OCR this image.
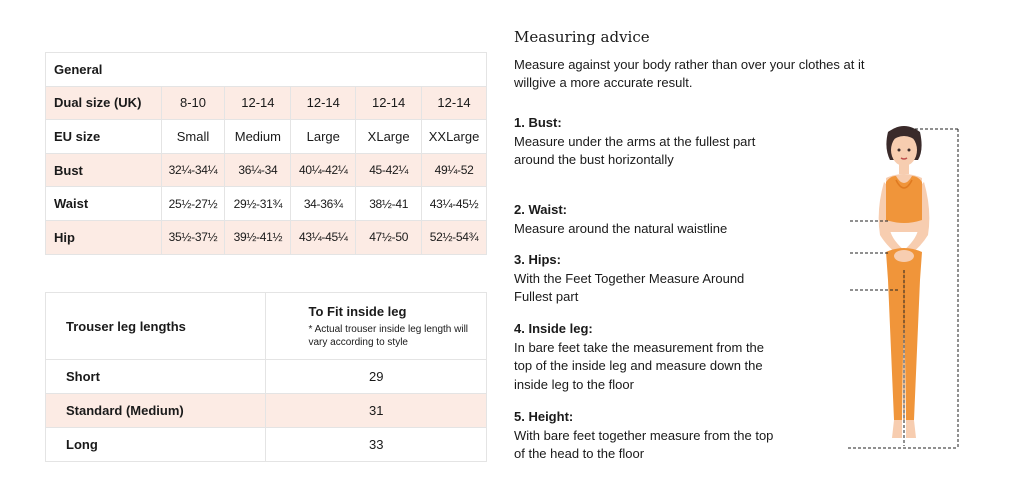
General					
Dual size (UK)	8-10	12-14	12-14	12-14	12-14
EU size	Small	Medium	Large	XLarge	XXLarge
Bust	32¼-34¼	36¼-34	40¼-42¼	45-42¼	49¼-52
Waist	25½-27½	29½-31¾	34-36¾	38½-41	43¼-45½
Hip	35½-37½	39½-41½	43¼-45¼	47½-50	52½-54¾
Trouser leg lengths	To Fit inside leg
* Actual trouser inside leg length will vary according to style

Short	29
Standard (Medium)	31
Long	33
Measuring advice

Measure against your body rather than over your clothes at it willgive a more accurate result.

1. Bust:
Measure under the arms at the fullest part around the bust horizontally
2. Waist:
Measure around the natural waistline
3. Hips:
With the Feet Together Measure Around Fullest part
4. Inside leg:
In bare feet take the measurement from the top of the inside leg and measure down the inside leg to the floor
5. Height:
With bare feet together measure from the top of the head to the floor
